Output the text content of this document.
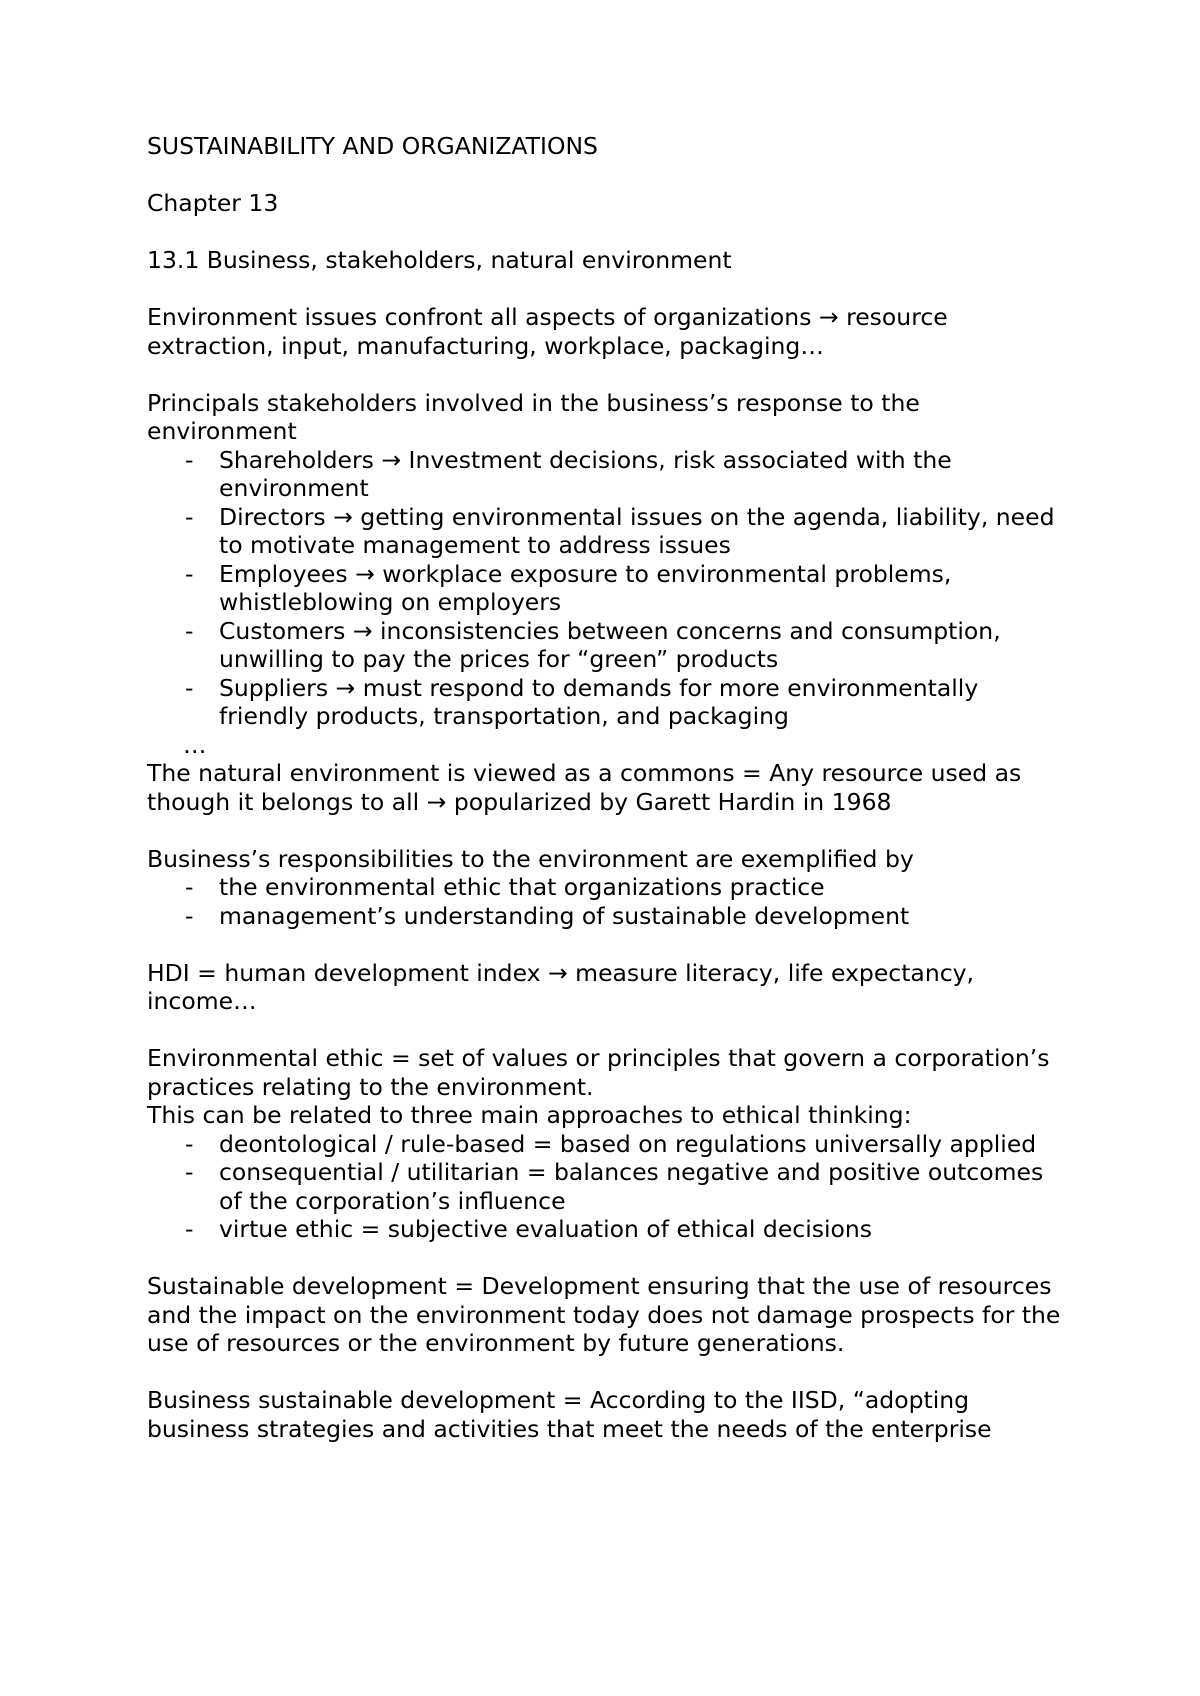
SUSTAINABILITY AND ORGANIZATIONS

Chapter 13

13.1 Business, stakeholders, natural environment

Environment issues confront all aspects of organizations → resource extraction, input, manufacturing, workplace, packaging…

Principals stakeholders involved in the business’s response to the environment

- Shareholders → Investment decisions, risk associated with the environment
- Directors → getting environmental issues on the agenda, liability, need to motivate management to address issues
- Employees → workplace exposure to environmental problems, whistleblowing on employers
- Customers → inconsistencies between concerns and consumption, unwilling to pay the prices for “green” products
- Suppliers → must respond to demands for more environmentally friendly products, transportation, and packaging

…

The natural environment is viewed as a commons = Any resource used as though it belongs to all → popularized by Garett Hardin in 1968

Business’s responsibilities to the environment are exemplified by

- the environmental ethic that organizations practice
- management’s understanding of sustainable development

HDI = human development index → measure literacy, life expectancy, income…

Environmental ethic = set of values or principles that govern a corporation’s practices relating to the environment.

This can be related to three main approaches to ethical thinking:

- deontological / rule-based = based on regulations universally applied
- consequential / utilitarian = balances negative and positive outcomes of the corporation’s influence
- virtue ethic = subjective evaluation of ethical decisions

Sustainable development = Development ensuring that the use of resources and the impact on the environment today does not damage prospects for the use of resources or the environment by future generations.

Business sustainable development = According to the IISD, “adopting business strategies and activities that meet the needs of the enterprise
